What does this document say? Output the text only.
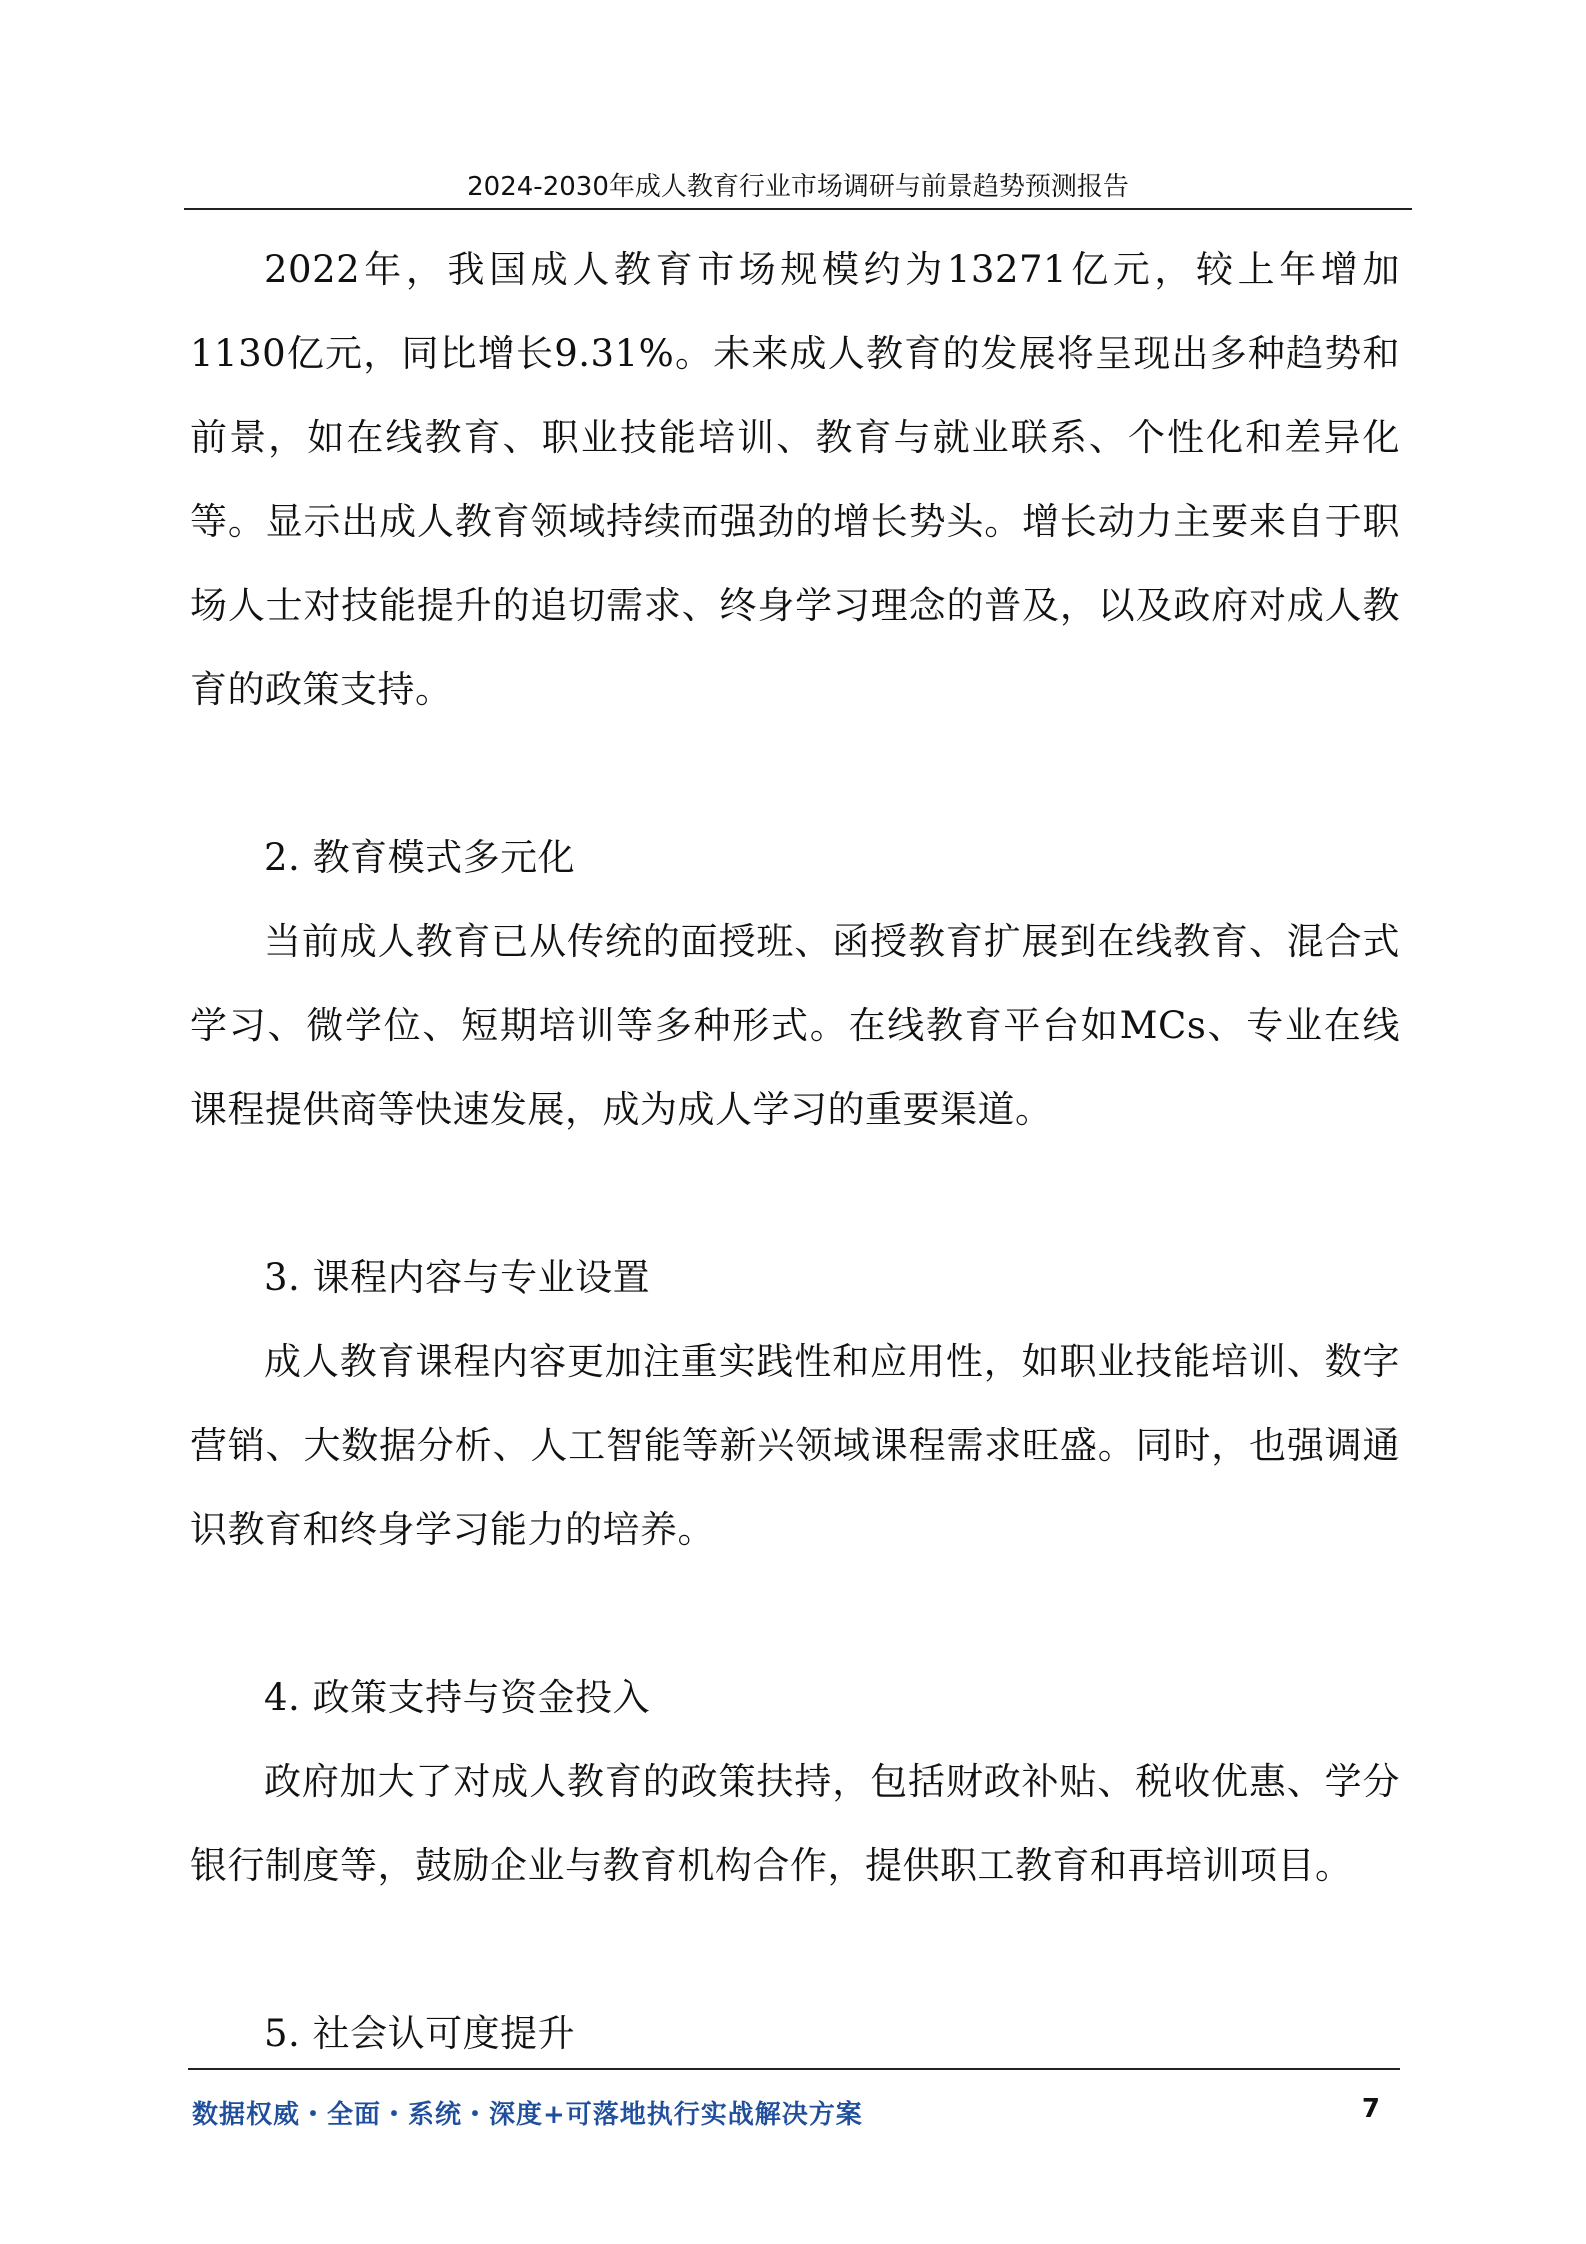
2024-2030年成人教育行业市场调研与前景趋势预测报告

2022年，我国成人教育市场规模约为13271亿元，较上年增加1130亿元，同比增长9.31%。未来成人教育的发展将呈现出多种趋势和前景，如在线教育、职业技能培训、教育与就业联系、个性化和差异化等。显示出成人教育领域持续而强劲的增长势头。增长动力主要来自于职场人士对技能提升的追切需求、终身学习理念的普及，以及政府对成人教育的政策支持。

2. 教育模式多元化

当前成人教育已从传统的面授班、函授教育扩展到在线教育、混合式学习、微学位、短期培训等多种形式。在线教育平台如MCs、专业在线课程提供商等快速发展，成为成人学习的重要渠道。

3. 课程内容与专业设置

成人教育课程内容更加注重实践性和应用性，如职业技能培训、数字营销、大数据分析、人工智能等新兴领域课程需求旺盛。同时，也强调通识教育和终身学习能力的培养。

4. 政策支持与资金投入

政府加大了对成人教育的政策扶持，包括财政补贴、税收优惠、学分银行制度等，鼓励企业与教育机构合作，提供职工教育和再培训项目。

5. 社会认可度提升

数据权威・全面・系统・深度+可落地执行实战解决方案	7
